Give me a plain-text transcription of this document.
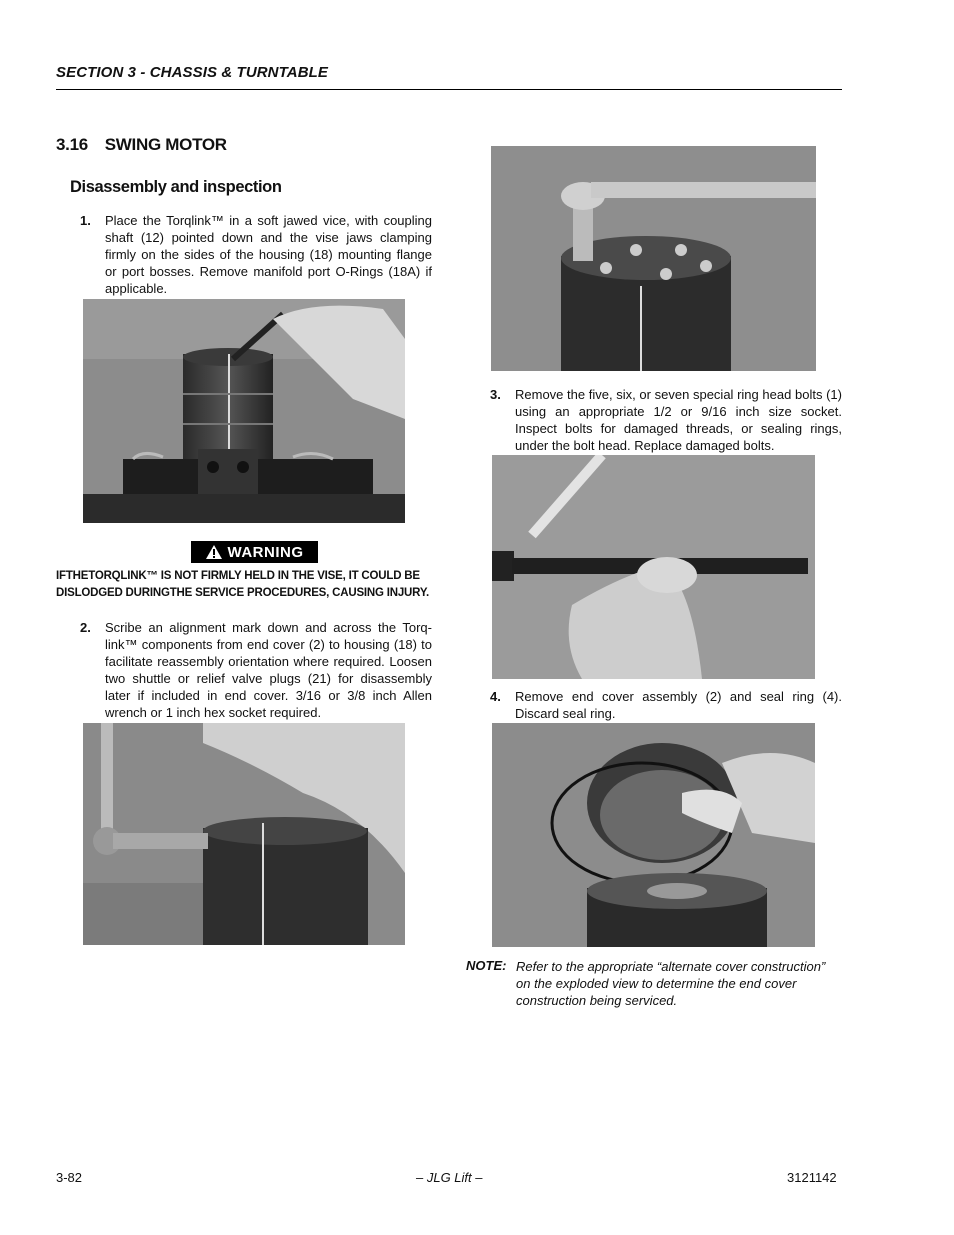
SECTION 3 - CHASSIS & TURNTABLE
3.16 SWING MOTOR
Disassembly and inspection
1. Place the Torqlink™ in a soft jawed vice, with coupling shaft (12) pointed down and the vise jaws clamping firmly on the sides of the housing (18) mounting flange or port bosses. Remove manifold port O-Rings (18A) if applicable.
WARNING
IFTHETORQLINK™ IS NOT FIRMLY HELD IN THE VISE, IT COULD BE DISLODGED DURINGTHE SERVICE PROCEDURES, CAUSING INJURY.
2. Scribe an alignment mark down and across the Torq-link™ components from end cover (2) to housing (18) to facilitate reassembly orientation where required. Loosen two shuttle or relief valve plugs (21) for disassembly later if included in end cover. 3/16 or 3/8 inch Allen wrench or 1 inch hex socket required.
3. Remove the five, six, or seven special ring head bolts (1) using an appropriate 1/2 or 9/16 inch size socket. Inspect bolts for damaged threads, or sealing rings, under the bolt head. Replace damaged bolts.
4. Remove end cover assembly (2) and seal ring (4). Discard seal ring.
NOTE: Refer to the appropriate “alternate cover construction” on the exploded view to determine the end cover construction being serviced.
3-82	– JLG Lift –	3121142
